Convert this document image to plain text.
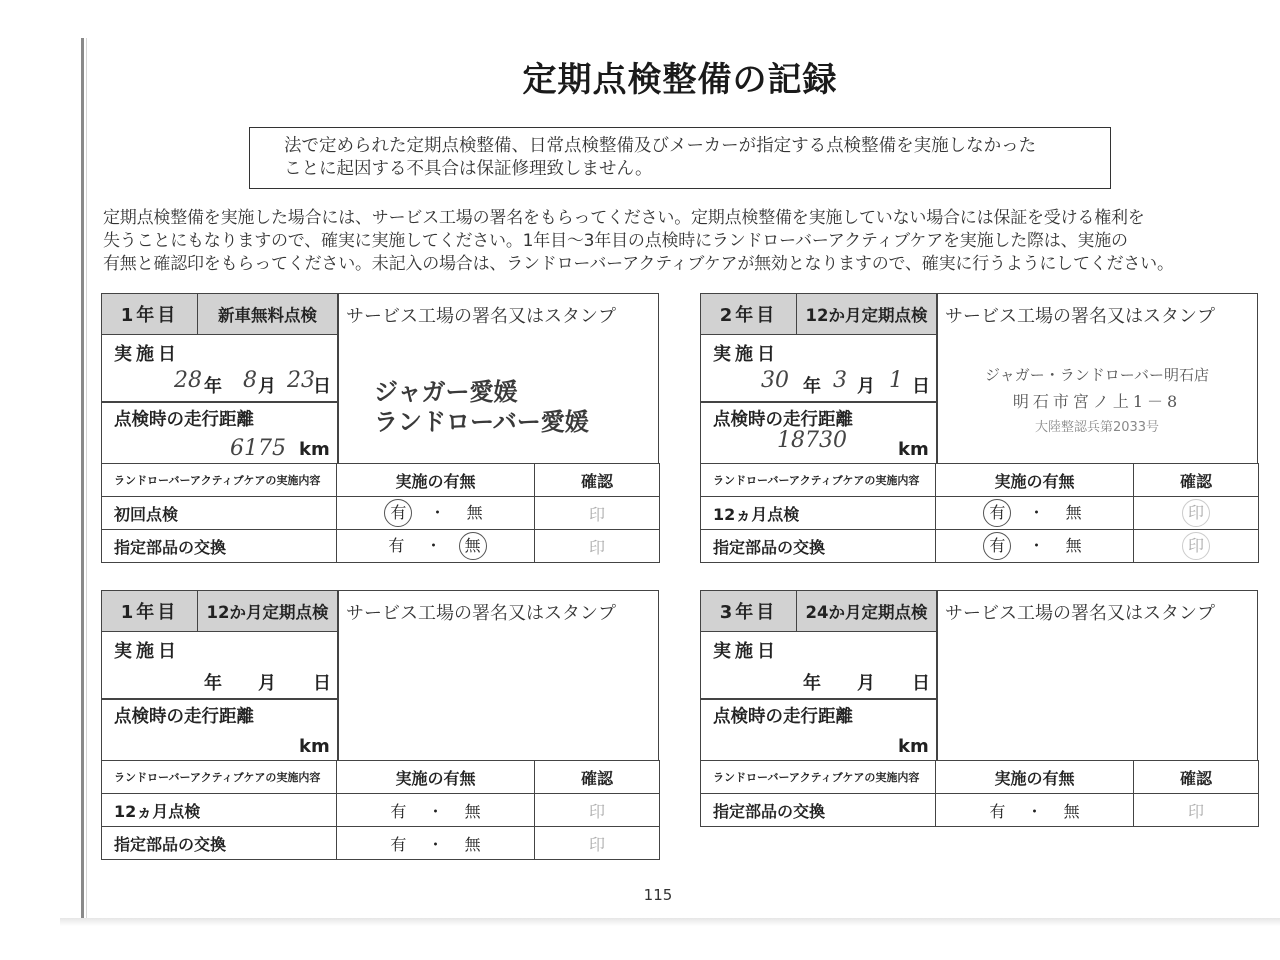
定期点検整備の記録
法で定められた定期点検整備、日常点検整備及びメーカーが指定する点検整備を実施しなかった
ことに起因する不具合は保証修理致しません。
定期点検整備を実施した場合には、サービス工場の署名をもらってください。定期点検整備を実施していない場合には保証を受ける権利を
失うことにもなりますので、確実に実施してください。1年目～3年目の点検時にランドローバーアクティブケアを実施した際は、実施の
有無と確認印をもらってください。未記入の場合は、ランドローバーアクティブケアが無効となりますので、確実に行うようにしてください。
1年目	新車無料点検	サービス工場の署名又はスタンプ
実施日
28 年 8 月 23
日
点検時の走行距離
6175 km
ジャガー愛媛
ランドローバー愛媛
ランドローバーアクティブケアの実施内容	実施の有無	確認
初回点検	有 ・ 無	印
指定部品の交換	有 ・ 無	印
2年目	12か月定期点検 サービス工場の署名又はスタンプ
実施日
30 年 3 月 1 日
点検時の走行距離
18730	km
ジャガー・ランドローバー明石店
明石市宮ノ上1－8
大陸整認兵第2033号
ランドローバーアクティブケアの実施内容	実施の有無	確認
12ヵ月点検	有 ・ 無	印
指定部品の交換	有 ・ 無	印
1年目	12か月定期点検 サービス工場の署名又はスタンプ
実施日
年 月 日
点検時の走行距離
km
ランドローバーアクティブケアの実施内容	実施の有無	確認
12ヵ月点検	有 ・ 無	印
指定部品の交換	有 ・ 無	印
3年目	24か月定期点検 サービス工場の署名又はスタンプ
実施日
年 月 日
点検時の走行距離
km
ランドローバーアクティブケアの実施内容	実施の有無	確認
指定部品の交換	有 ・ 無	印
115
